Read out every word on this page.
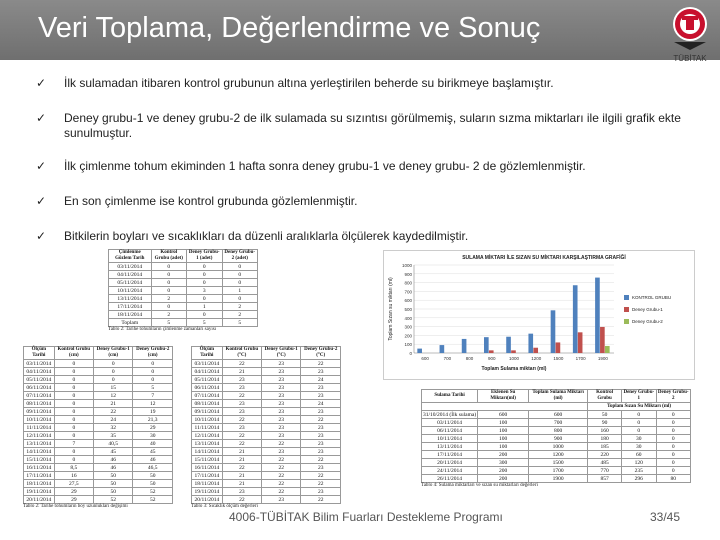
Veri Toplama, Değerlendirme ve Sonuç
TÜBİTAK
✓	İlk sulamadan itibaren kontrol grubunun altına yerleştirilen beherde su birikmeye başlamıştır.
✓	Deney grubu-1 ve deney grubu-2 de ilk sulamada su sızıntısı görülmemiş, suların sızma miktarları ile ilgili grafik ekte sunulmuştur.
✓	İlk çimlenme tohum ekiminden 1 hafta sonra deney grubu-1 ve deney grubu- 2 de gözlemlenmiştir.
✓	En son çimlenme ise kontrol grubunda gözlemlenmiştir.
✓	Bitkilerin boyları ve sıcaklıkları da düzenli aralıklarla ölçülerek kaydedilmiştir.
Çimlenme Gözlem Tarih	Kontrol Grubu (adet)	Deney Grubu-1 (adet)	Deney Grubu-2 (adet)
03/11/2014	0	0	0
04/11/2014	0	0	0
05/11/2014	0	0	0
10/11/2014	0	3	1
13/11/2014	2	0	0
17/11/2014	0	1	2
18/11/2014	2	0	2
Toplam	5	5	5
Tablo 2: Tarihe tohumların çimlenme zamanları sayısı
Ölçüm Tarihi	Kontrol Grubu (cm)	Deney Grubu-1 (cm)	Deney Grubu-2 (cm)
03/11/2014	0	0	0
04/11/2014	0	0	0
05/11/2014	0	0	0
06/11/2014	0	15	5
07/11/2014	0	12	7
08/11/2014	0	21	12
09/11/2014	0	22	19
10/11/2014	0	24	21,3
11/11/2014	0	32	29
12/11/2014	0	35	30
13/11/2014	7	40,5	40
14/11/2014	0	45	45
15/11/2014	0	46	46
16/11/2014	8,5	46	46,5
17/11/2014	16	50	50
18/11/2014	27,5	50	50
19/11/2014	29	50	52
20/11/2014	29	52	52
Tablo 2: Tarihe tohumların boy uzunlukları değişimi
Ölçüm Tarihi	Kontrol Grubu (°C)	Deney Grubu-1 (°C)	Deney Grubu-2 (°C)
03/11/2014	22	23	22
04/11/2014	21	23	23
05/11/2014	23	23	24
06/11/2014	23	23	23
07/11/2014	22	23	23
08/11/2014	23	23	24
09/11/2014	23	23	23
10/11/2014	22	23	22
11/11/2014	23	23	23
12/11/2014	22	23	23
13/11/2014	22	22	23
14/11/2014	21	23	23
15/11/2014	21	22	22
16/11/2014	22	22	23
17/11/2014	21	22	22
18/11/2014	21	22	22
19/11/2014	23	22	23
20/11/2014	22	23	22
Tablo 3: Sıcaklık ölçüm değerleri
SULAMA MİKTARI İLE SIZAN SU MİKTARI KARŞILAŞTIRMA GRAFİĞİ
0
100
200
300
400
500
600
700
800
900
1000
600	700	800	900	1000	1200	1500	1700	1900
Toplam Sulama miktarı (ml)
Toplam Sızan su miktarı (ml)	KONTROL GRUBU
Deney Grubu-1
Deney Grubu-2
Sulama Tarihi	Eklenen Su Miktarı(ml)	Toplam Sulama Miktarı (ml)	Kontrol Grubu	Deney Grubu-1	Deney Grubu-2
			Toplam Sızan Su Miktarı (ml)		
31/10/2014 (İlk sulama)	600	600	50	0	0
03/11/2014	100	700	90	0	0
06/11/2014	100	800	160	0	0
10/11/2014	100	900	180	30	0
13/11/2014	100	1000	185	30	0
17/11/2014	200	1200	220	60	0
20/11/2014	300	1500	485	120	0
24/11/2014	200	1700	770	235	0
26/11/2014	200	1900	857	296	80
Tablo 4: Sulama miktarları ve sızan su miktarları değerleri
4006-TÜBİTAK Bilim Fuarları Destekleme Programı	33/45
